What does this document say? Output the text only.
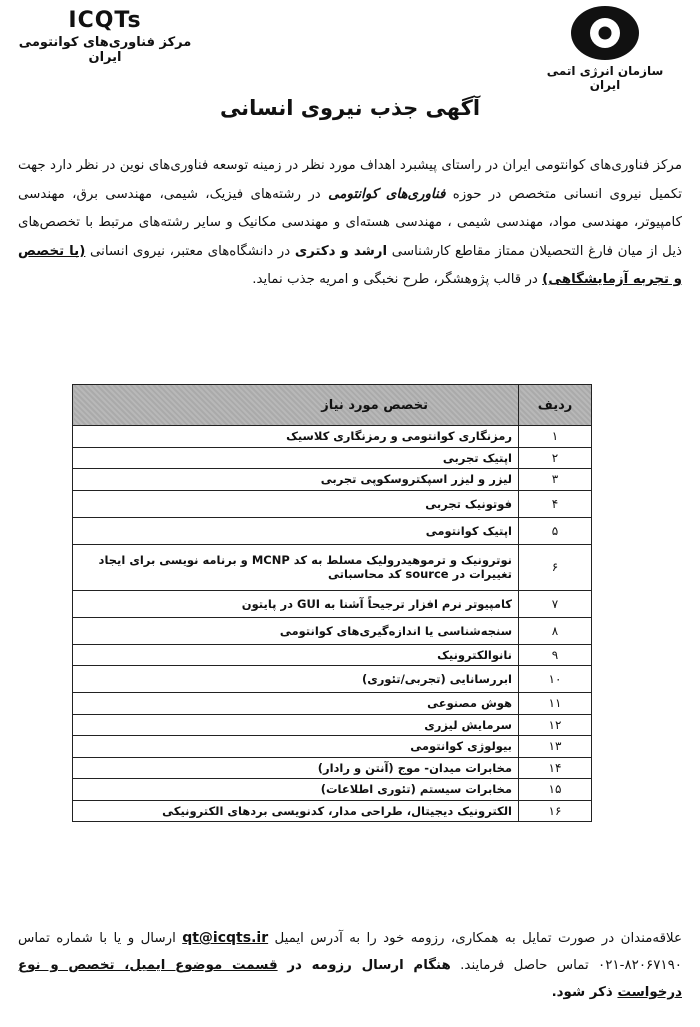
ICQTs
مرکز فناوری‌های کوانتومی ایران
سازمان انرژی اتمی ایران
آگهی جذب نیروی انسانی
مرکز فناوری‌های کوانتومی ایران در راستای پیشبرد اهداف مورد نظر در زمینه توسعه فناوری‌های نوین در نظر دارد جهت تکمیل نیروی انسانی متخصص در حوزه فناوری‌های کوانتومی در رشته‌های فیزیک، شیمی، مهندسی برق، مهندسی کامپیوتر، مهندسی مواد، مهندسی شیمی ، مهندسی هسته‌ای و مهندسی مکانیک و سایر رشته‌های مرتبط با تخصص‌های ذیل از میان فارغ التحصیلان ممتاز مقاطع کارشناسی ارشد و دکتری در دانشگاه‌های معتبر، نیروی انسانی (با تخصص و تجربه آزمایشگاهی) در قالب پژوهشگر، طرح نخبگی و امریه جذب نماید.
ردیف	تخصص مورد نیاز
۱	رمزنگاری کوانتومی و رمزنگاری کلاسیک
۲	اپتیک تجربی
۳	لیزر و لیزر اسپکتروسکوپی تجربی
۴	فوتونیک تجربی
۵	اپتیک کوانتومی
۶	نوترونیک و ترموهیدرولیک مسلط به کد MCNP و برنامه نویسی برای ایجاد تغییرات در source کد محاسباتی
۷	کامپیوتر نرم افزار ترجیحاً آشنا به GUI در پایتون
۸	سنجه‌شناسی یا اندازه‌گیری‌های کوانتومی
۹	نانوالکترونیک
۱۰	ابررسانایی (تجربی/تئوری)
۱۱	هوش مصنوعی
۱۲	سرمایش لیزری
۱۳	بیولوژی کوانتومی
۱۴	مخابرات میدان- موج (آنتن و رادار)
۱۵	مخابرات سیستم (تئوری اطلاعات)
۱۶	الکترونیک دیجیتال، طراحی مدار، کدنویسی بردهای الکترونیکی
علاقه‌مندان در صورت تمایل به همکاری، رزومه خود را به آدرس ایمیل qt@icqts.ir ارسال و یا با شماره تماس ۰۲۱-۸۲۰۶۷۱۹۰ تماس حاصل فرمایند. هنگام ارسال رزومه در قسمت موضوع ایمیل، تخصص و نوع درخواست ذکر شود.
